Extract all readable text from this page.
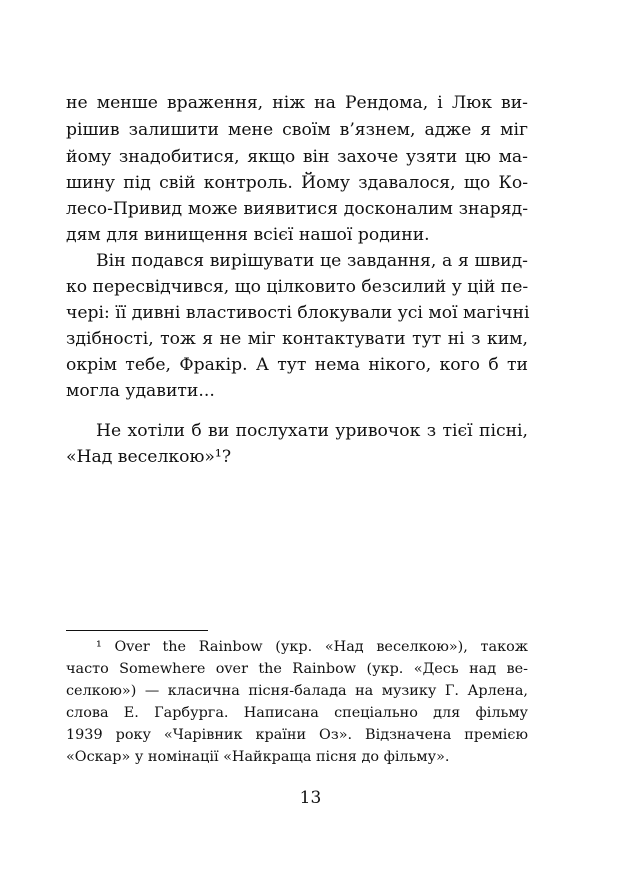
не менше враження, ніж на Рендома, і Люк ви-
рішив залишити мене своїм в’язнем, адже я міг
йому знадобитися, якщо він захоче узяти цю ма-
шину під свій контроль. Йому здавалося, що Ко-
лесо-Привид може виявитися досконалим знаряд-
дям для винищення всієї нашої родини.
Він подався вирішувати це завдання, а я швид-
ко пересвідчився, що цілковито безсилий у цій пе-
чері: її дивні властивості блокували усі мої магічні
здібності, тож я не міг контактувати тут ні з ким,
окрім тебе, Фракір. А тут нема нікого, кого б ти
могла удавити...
Не хотіли б ви послухати уривочок з тієї пісні,
«Над веселкою»¹?
¹ Over the Rainbow (укр. «Над веселкою»), також
часто Somewhere over the Rainbow (укр. «Десь над ве-
селкою») — класична пісня-балада на музику Г. Арлена,
слова Е. Гарбурга. Написана спеціально для фільму
1939 року «Чарівник країни Оз». Відзначена премією
«Оскар» у номінації «Найкраща пісня до фільму».
13
